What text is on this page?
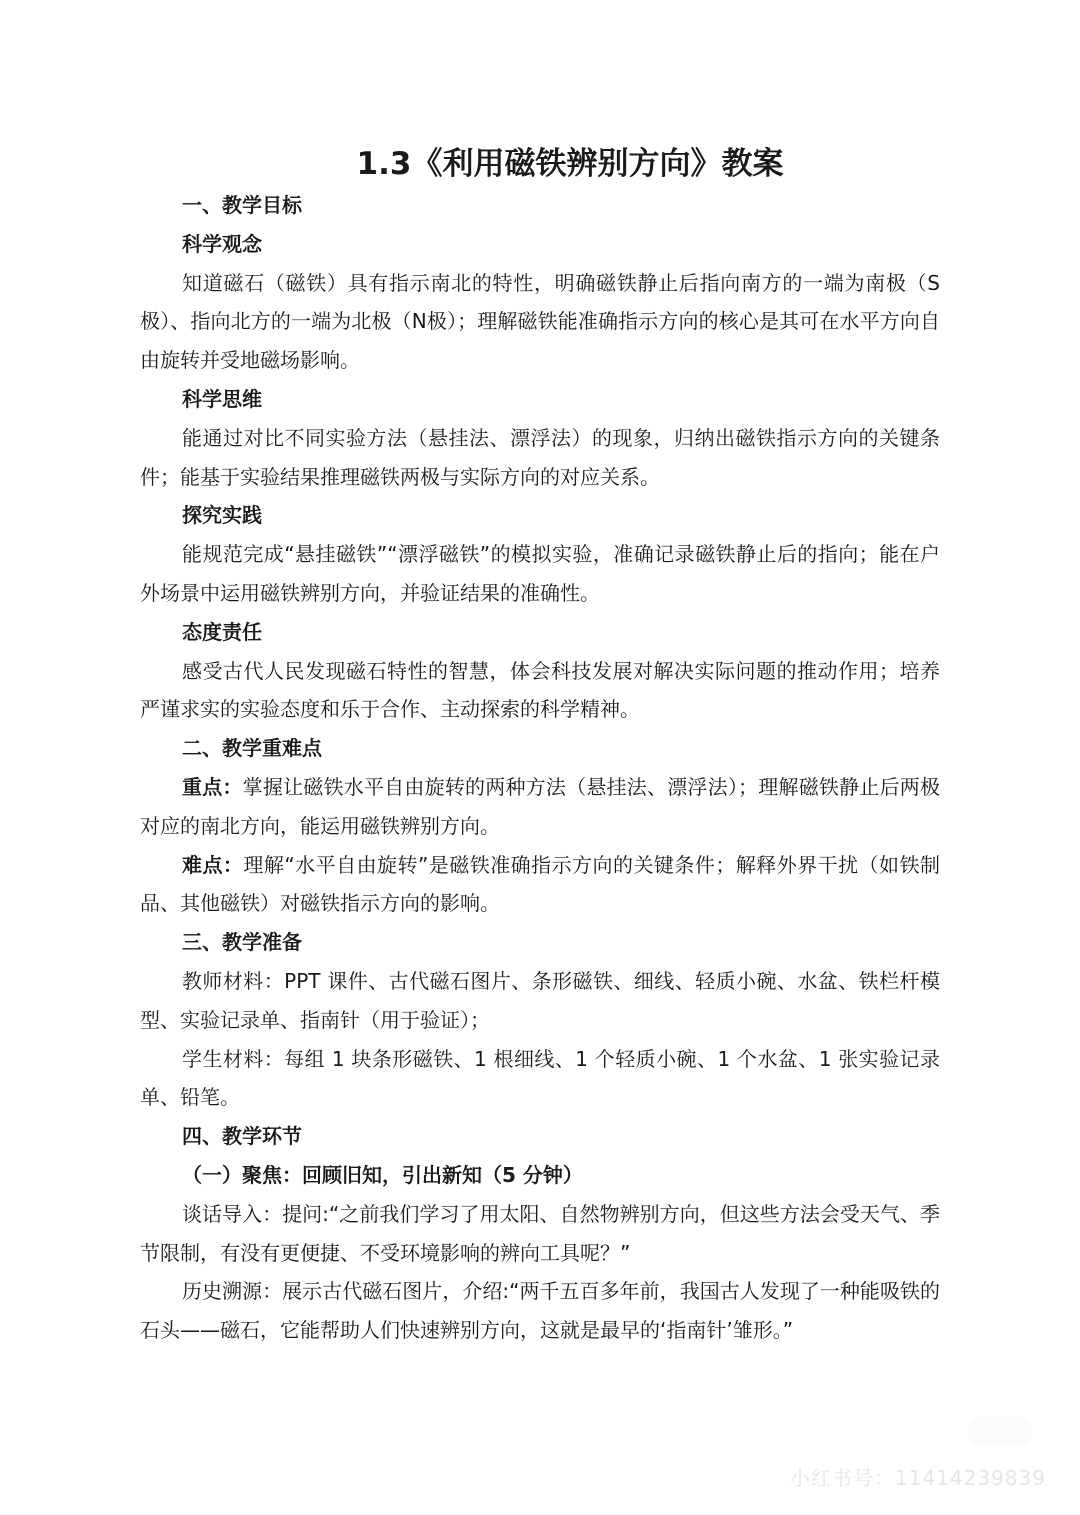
1.3《利用磁铁辨别方向》教案

一、教学目标

科学观念

知道磁石（磁铁）具有指示南北的特性，明确磁铁静止后指向南方的一端为南极（S极）、指向北方的一端为北极（N极）；理解磁铁能准确指示方向的核心是其可在水平方向自由旋转并受地磁场影响。

科学思维

能通过对比不同实验方法（悬挂法、漂浮法）的现象，归纳出磁铁指示方向的关键条件；能基于实验结果推理磁铁两极与实际方向的对应关系。

探究实践

能规范完成“悬挂磁铁”“漂浮磁铁”的模拟实验，准确记录磁铁静止后的指向；能在户外场景中运用磁铁辨别方向，并验证结果的准确性。

态度责任

感受古代人民发现磁石特性的智慧，体会科技发展对解决实际问题的推动作用；培养严谨求实的实验态度和乐于合作、主动探索的科学精神。

二、教学重难点

重点：掌握让磁铁水平自由旋转的两种方法（悬挂法、漂浮法）；理解磁铁静止后两极对应的南北方向，能运用磁铁辨别方向。

难点：理解“水平自由旋转”是磁铁准确指示方向的关键条件；解释外界干扰（如铁制品、其他磁铁）对磁铁指示方向的影响。

三、教学准备

教师材料：PPT 课件、古代磁石图片、条形磁铁、细线、轻质小碗、水盆、铁栏杆模型、实验记录单、指南针（用于验证）；

学生材料：每组 1 块条形磁铁、1 根细线、1 个轻质小碗、1 个水盆、1 张实验记录单、铅笔。

四、教学环节

（一）聚焦：回顾旧知，引出新知（5 分钟）

谈话导入：提问:“之前我们学习了用太阳、自然物辨别方向，但这些方法会受天气、季节限制，有没有更便捷、不受环境影响的辨向工具呢？”

历史溯源：展示古代磁石图片，介绍:“两千五百多年前，我国古人发现了一种能吸铁的石头——磁石，它能帮助人们快速辨别方向，这就是最早的‘指南针’雏形。”

小红书号：11414239839
